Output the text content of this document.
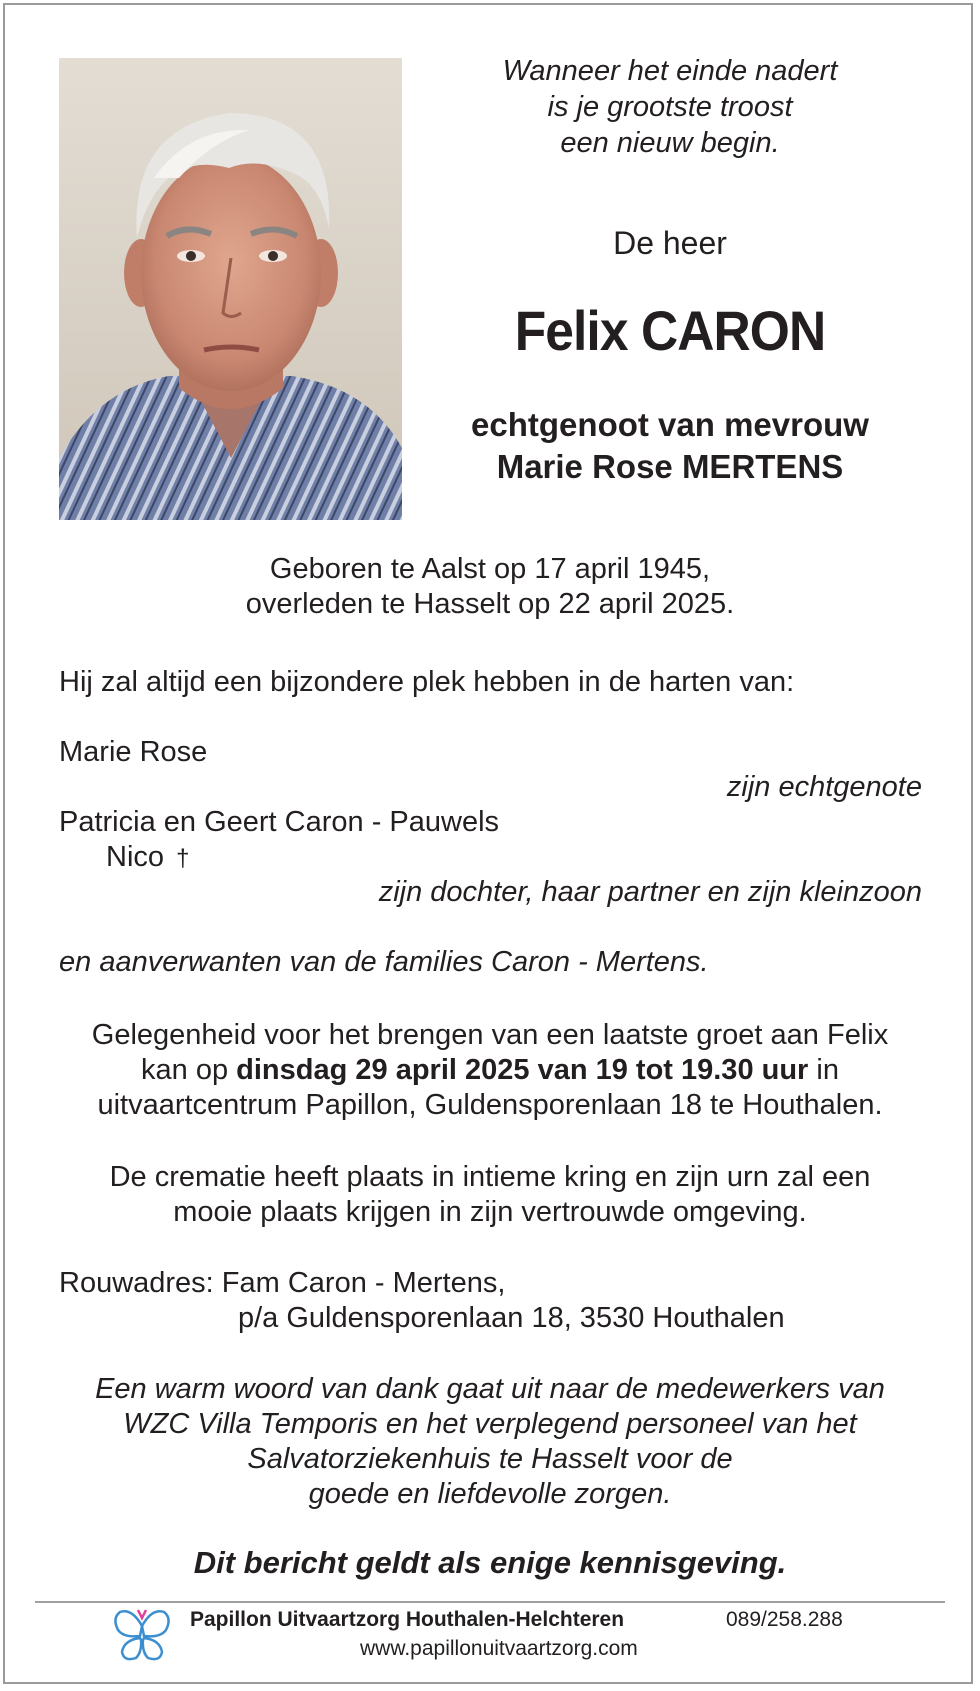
Wanneer het einde nadert
is je grootste troost
een nieuw begin.
De heer
Felix CARON
echtgenoot van mevrouw
Marie Rose MERTENS
Geboren te Aalst op 17 april 1945,
overleden te Hasselt op 22 april 2025.
Hij zal altijd een bijzondere plek hebben in de harten van:
Marie Rose
zijn echtgenote
Patricia en Geert Caron - Pauwels
Nico †
zijn dochter, haar partner en zijn kleinzoon
en aanverwanten van de families Caron - Mertens.
Gelegenheid voor het brengen van een laatste groet aan Felix
kan op dinsdag 29 april 2025 van 19 tot 19.30 uur in
uitvaartcentrum Papillon, Guldensporenlaan 18 te Houthalen.
De crematie heeft plaats in intieme kring en zijn urn zal een
mooie plaats krijgen in zijn vertrouwde omgeving.
Rouwadres: Fam Caron - Mertens,
p/a Guldensporenlaan 18, 3530 Houthalen
Een warm woord van dank gaat uit naar de medewerkers van
WZC Villa Temporis en het verplegend personeel van het
Salvatorziekenhuis te Hasselt voor de
goede en liefdevolle zorgen.
Dit bericht geldt als enige kennisgeving.
Papillon Uitvaartzorg Houthalen-Helchteren	089/258.288
www.papillonuitvaartzorg.com
